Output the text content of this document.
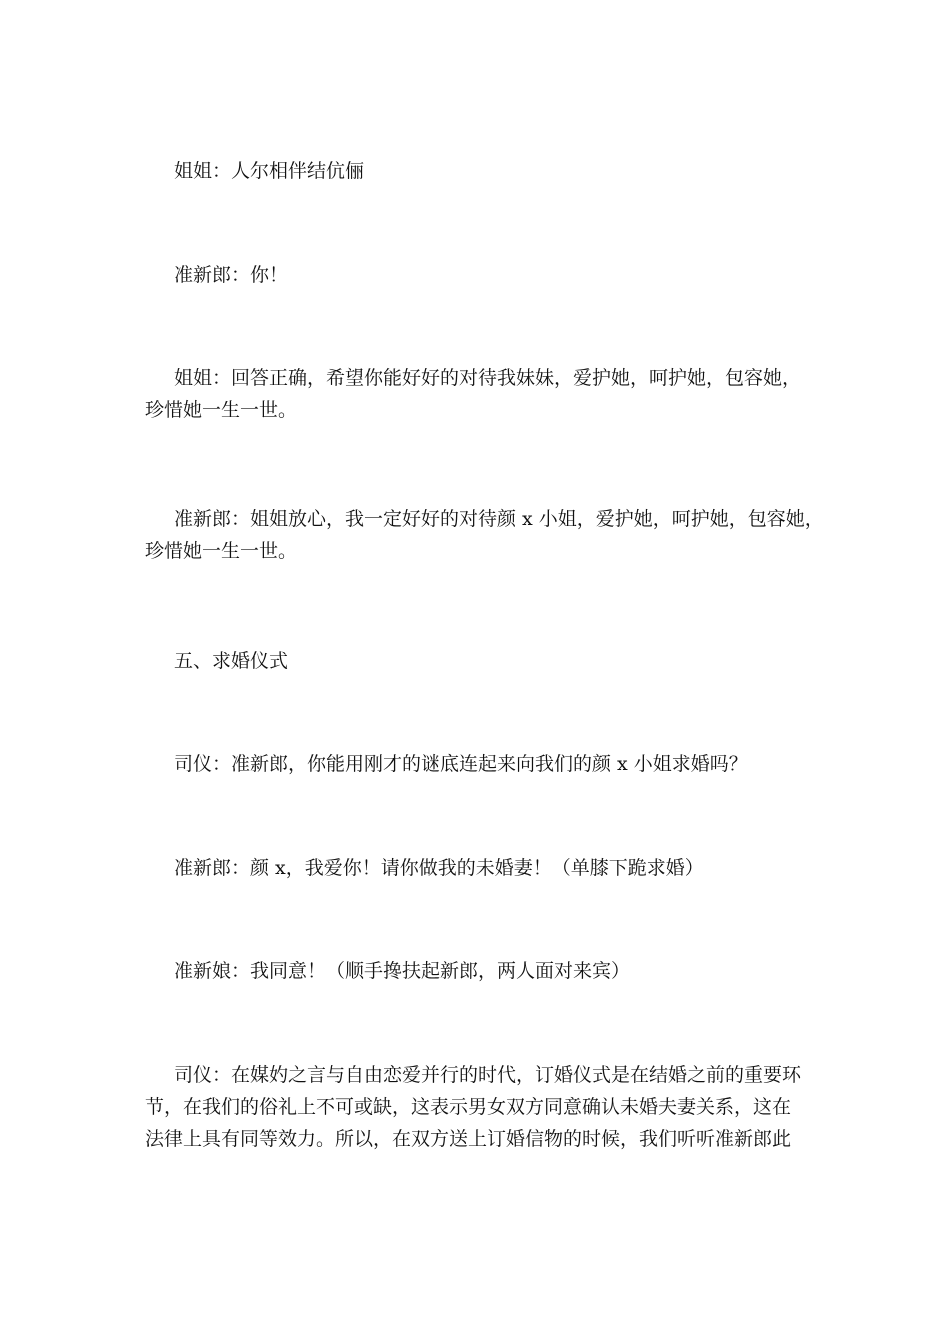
姐姐：人尔相伴结伉俪
准新郎：你！
姐姐：回答正确，希望你能好好的对待我妹妹，爱护她，呵护她，包容她，
珍惜她一生一世。
准新郎：姐姐放心，我一定好好的对待颜 x 小姐，爱护她，呵护她，包容她，
珍惜她一生一世。
五、求婚仪式
司仪：准新郎，你能用刚才的谜底连起来向我们的颜 x 小姐求婚吗？
准新郎：颜 x，我爱你！请你做我的未婚妻！（单膝下跪求婚）
准新娘：我同意！（顺手搀扶起新郎，两人面对来宾）
司仪：在媒妁之言与自由恋爱并行的时代，订婚仪式是在结婚之前的重要环
节，在我们的俗礼上不可或缺，这表示男女双方同意确认未婚夫妻关系，这在
法律上具有同等效力。所以，在双方送上订婚信物的时候，我们听听准新郎此
